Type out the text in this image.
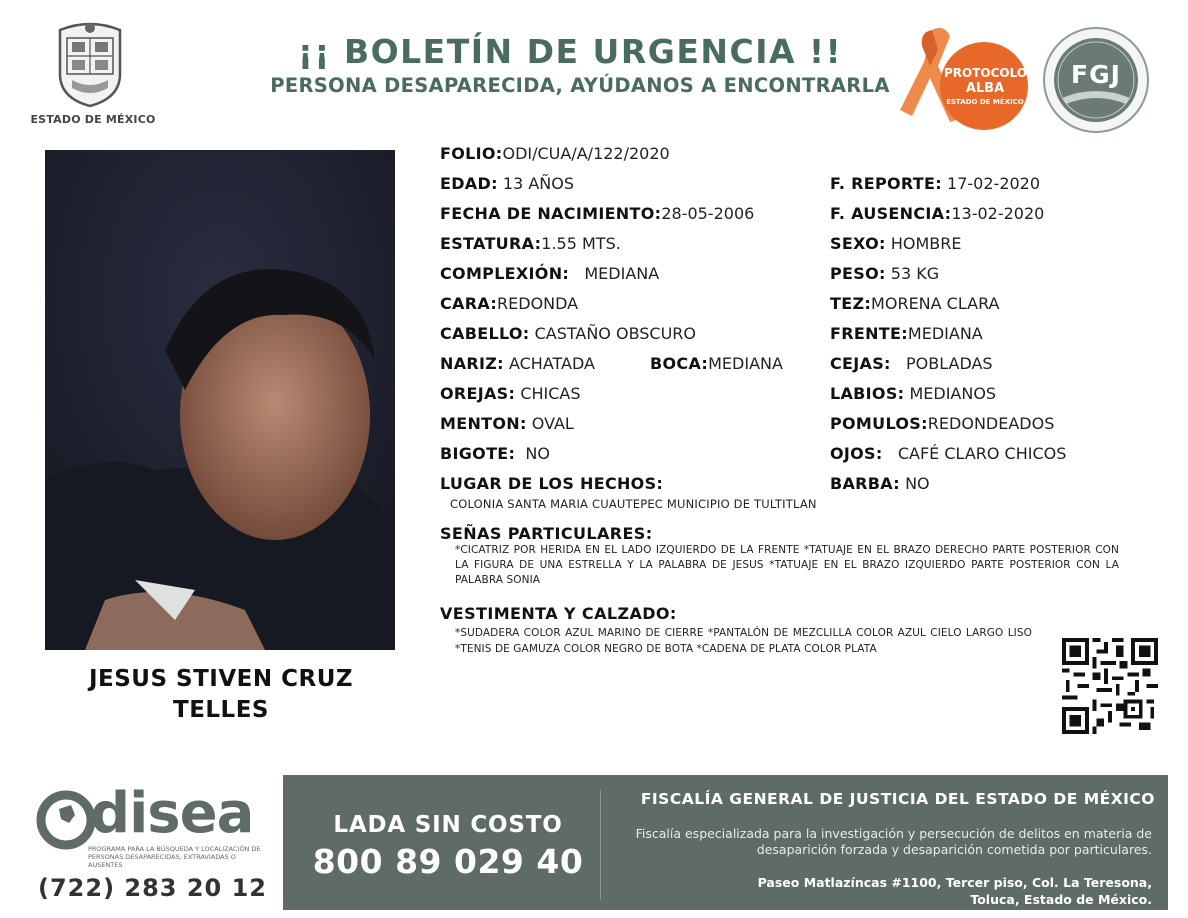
ESTADO DE MÉXICO
¡¡ BOLETÍN DE URGENCIA !!
PERSONA DESAPARECIDA, AYÚDANOS A ENCONTRARLA
PROTOCOLO
ALBA
ESTADO DE MÉXICO
FGJ
JESUS STIVEN CRUZ
TELLES
FOLIO:ODI/CUA/A/122/2020
EDAD: 13 AÑOS	F. REPORTE: 17-02-2020
FECHA DE NACIMIENTO:28-05-2006	F. AUSENCIA:13-02-2020
ESTATURA:1.55 MTS.	SEXO: HOMBRE
COMPLEXIÓN: MEDIANA	PESO: 53 KG
CARA:REDONDA	TEZ:MORENA CLARA
CABELLO: CASTAÑO OBSCURO	FRENTE:MEDIANA
NARIZ: ACHATADA	BOCA:MEDIANA	CEJAS: POBLADAS
OREJAS: CHICAS	LABIOS: MEDIANOS
MENTON: OVAL	POMULOS:REDONDEADOS
BIGOTE: NO	OJOS: CAFÉ CLARO CHICOS
LUGAR DE LOS HECHOS:	BARBA: NO
COLONIA SANTA MARIA CUAUTEPEC MUNICIPIO DE TULTITLAN
SEÑAS PARTICULARES:
*CICATRIZ POR HERIDA EN EL LADO IZQUIERDO DE LA FRENTE *TATUAJE EN EL BRAZO DERECHO PARTE POSTERIOR CON LA FIGURA DE UNA ESTRELLA Y LA PALABRA DE JESUS *TATUAJE EN EL BRAZO IZQUIERDO PARTE POSTERIOR CON LA PALABRA SONIA
VESTIMENTA Y CALZADO:
*SUDADERA COLOR AZUL MARINO DE CIERRE *PANTALÓN DE MEZCLILLA COLOR AZUL CIELO LARGO LISO *TENIS DE GAMUZA COLOR NEGRO DE BOTA *CADENA DE PLATA COLOR PLATA
disea
PROGRAMA PARA LA BÚSQUEDA Y LOCALIZACIÓN DE PERSONAS DESAPARECIDAS, EXTRAVIADAS O AUSENTES
(722) 283 20 12
LADA SIN COSTO
800 89 029 40
FISCALÍA GENERAL DE JUSTICIA DEL ESTADO DE MÉXICO
Fiscalía especializada para la investigación y persecución de delitos en materia de desaparición forzada y desaparición cometida por particulares.
Paseo Matlazíncas #1100, Tercer piso, Col. La Teresona,
Toluca, Estado de México.
